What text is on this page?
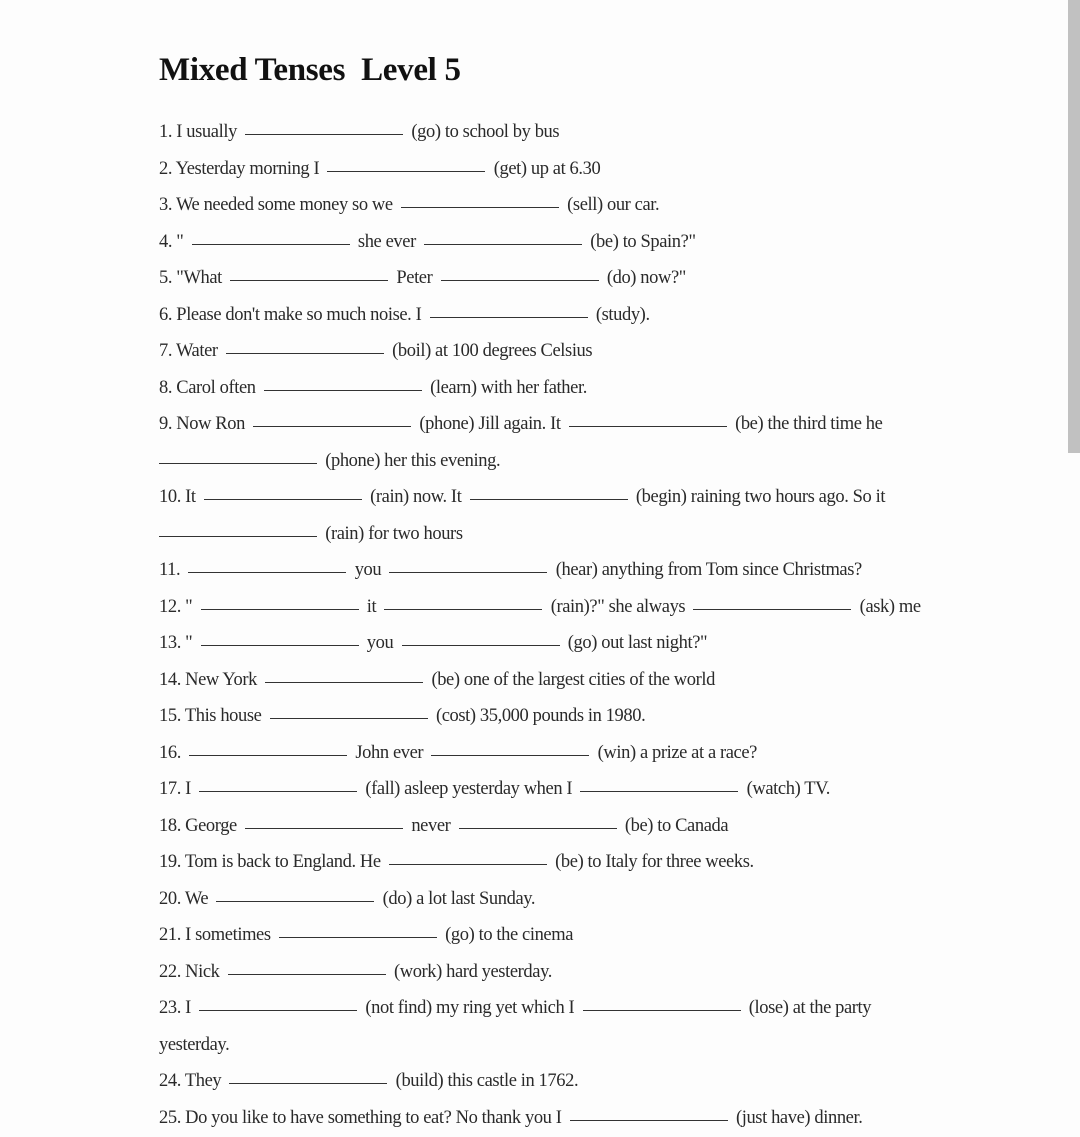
Mixed Tenses  Level 5
1. I usually	(go) to school by bus
2. Yesterday morning I	(get) up at 6.30
3. We needed some money so we	(sell) our car.
4. "	she ever	(be) to Spain?"
5. "What	Peter	(do) now?"
6. Please don't make so much noise. I	(study).
7. Water	(boil) at 100 degrees Celsius
8. Carol often	(learn) with her father.
9. Now Ron	(phone) Jill again. It	(be) the third time he
(phone) her this evening.
10. It	(rain) now. It	(begin) raining two hours ago. So it
(rain) for two hours
11.	you	(hear) anything from Tom since Christmas?
12. "	it	(rain)?" she always	(ask) me
13. "	you	(go) out last night?"
14. New York	(be) one of the largest cities of the world
15. This house	(cost) 35,000 pounds in 1980.
16.	John ever	(win) a prize at a race?
17. I	(fall) asleep yesterday when I	(watch) TV.
18. George	never	(be) to Canada
19. Tom is back to England. He	(be) to Italy for three weeks.
20. We	(do) a lot last Sunday.
21. I sometimes	(go) to the cinema
22. Nick	(work) hard yesterday.
23. I	(not find) my ring yet which I	(lose) at the party
yesterday.
24. They	(build) this castle in 1762.
25. Do you like to have something to eat? No thank you I	(just have) dinner.
